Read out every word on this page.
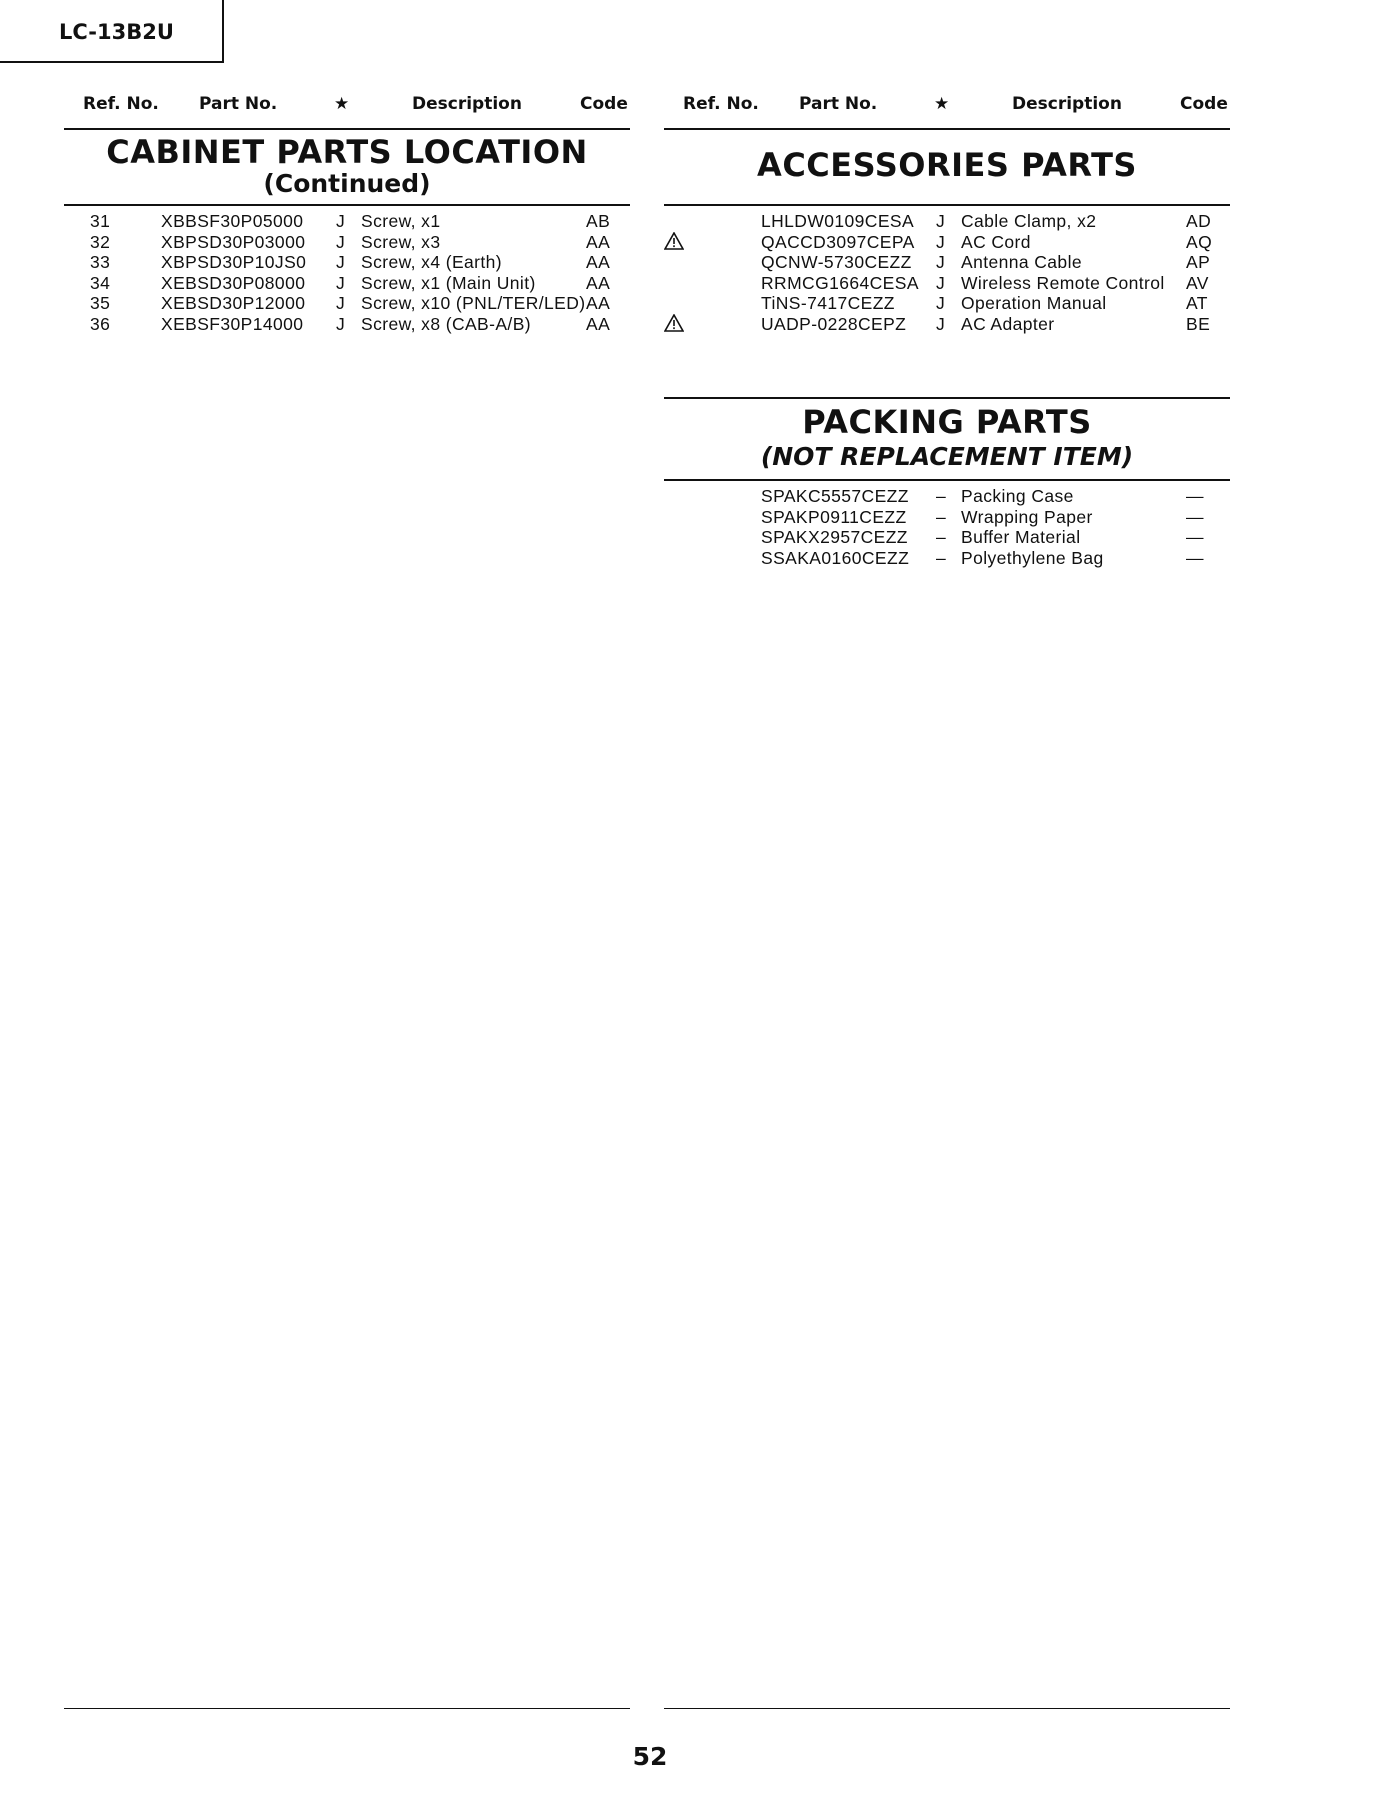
LC-13B2U
Ref. No. Part No.	★	Description	Code
CABINET PARTS LOCATION
(Continued)
31	XBBSF30P05000 J Screw, x1	AB
32	XBPSD30P03000 J Screw, x3	AA
33	XBPSD30P10JS0 J Screw, x4 (Earth)	AA
34	XEBSD30P08000 J Screw, x1 (Main Unit)	AA
35	XEBSD30P12000 J Screw, x10 (PNL/TER/LED) AA
36	XEBSF30P14000 J Screw, x8 (CAB-A/B)	AA
Ref. No. Part No.	★	Description	Code
ACCESSORIES PARTS
LHLDW0109CESA J Cable Clamp, x2	AD
QACCD3097CEPA J AC Cord	AQ
QCNW-5730CEZZ J Antenna Cable	AP
RRMCG1664CESA J Wireless Remote Control AV
TiNS-7417CEZZ J Operation Manual	AT
UADP-0228CEPZ J AC Adapter	BE
PACKING PARTS
(NOT REPLACEMENT ITEM)
SPAKC5557CEZZ – Packing Case	—
SPAKP0911CEZZ – Wrapping Paper	—
SPAKX2957CEZZ – Buffer Material	—
SSAKA0160CEZZ – Polyethylene Bag	—
52
